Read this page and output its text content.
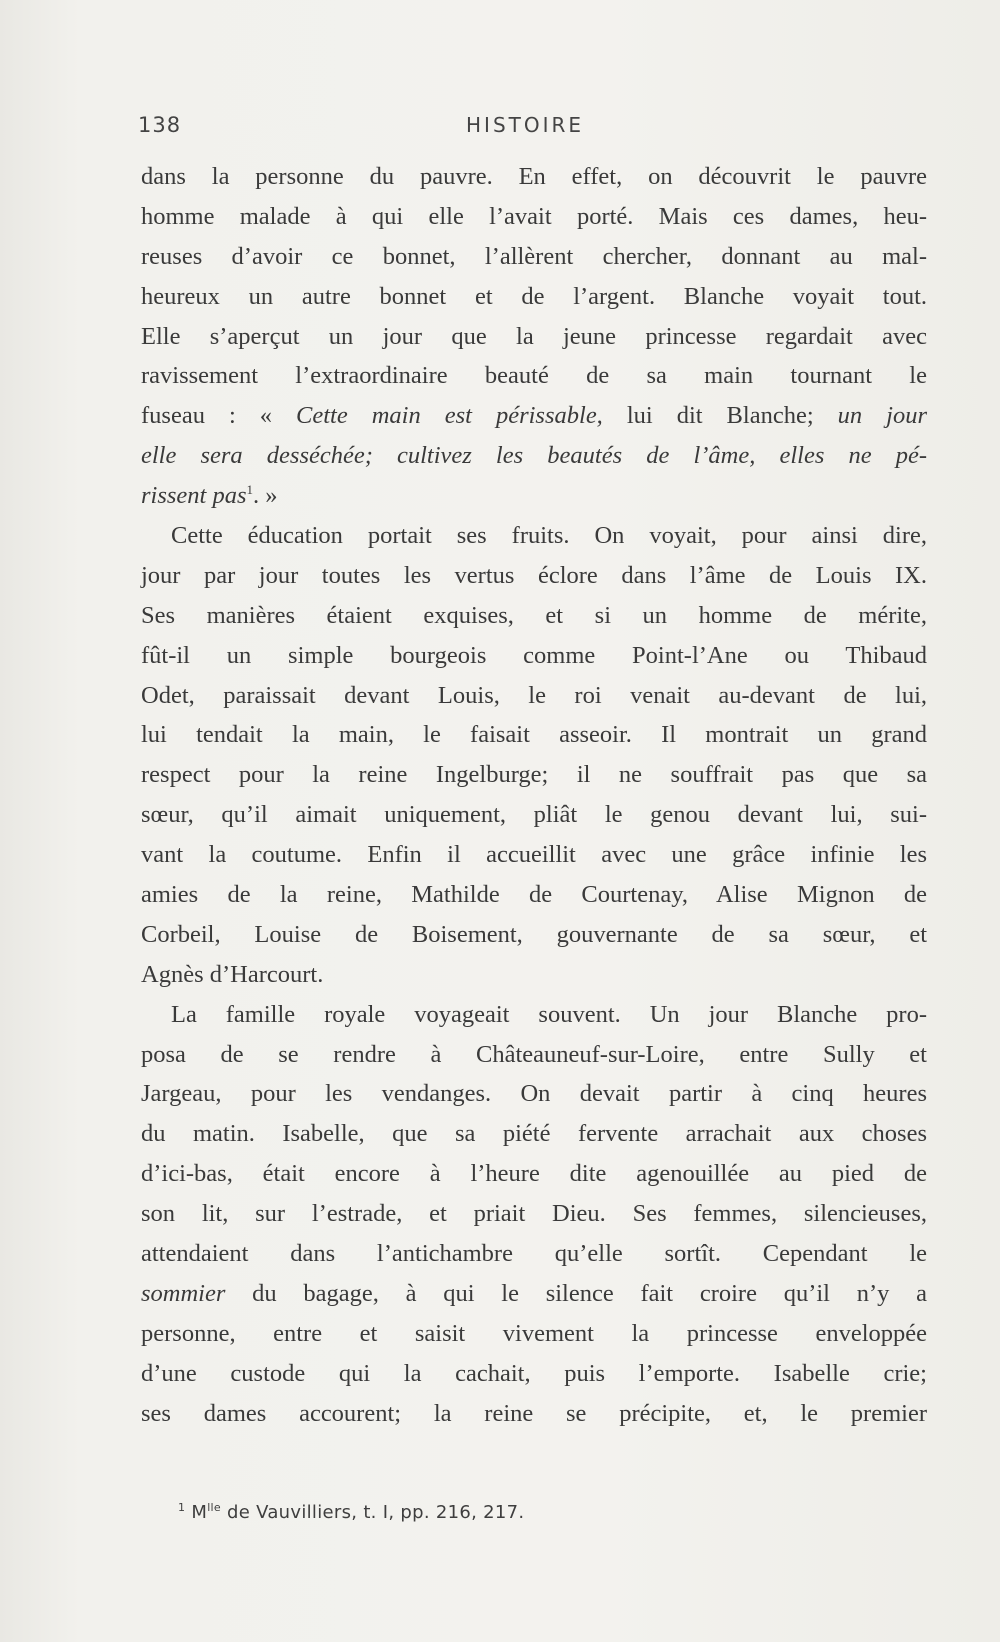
138	HISTOIRE
dans la personne du pauvre. En effet, on découvrit le pauvre
homme malade à qui elle l’avait porté. Mais ces dames, heu-
reuses d’avoir ce bonnet, l’allèrent chercher, donnant au mal-
heureux un autre bonnet et de l’argent. Blanche voyait tout.
Elle s’aperçut un jour que la jeune princesse regardait avec
ravissement l’extraordinaire beauté de sa main tournant le
fuseau : « Cette main est périssable, lui dit Blanche; un jour
elle sera desséchée; cultivez les beautés de l’âme, elles ne pé-
rissent pas$^1$. »
Cette éducation portait ses fruits. On voyait, pour ainsi dire,
jour par jour toutes les vertus éclore dans l’âme de Louis IX.
Ses manières étaient exquises, et si un homme de mérite,
fût-il un simple bourgeois comme Point-l’Ane ou Thibaud
Odet, paraissait devant Louis, le roi venait au-devant de lui,
lui tendait la main, le faisait asseoir. Il montrait un grand
respect pour la reine Ingelburge; il ne souffrait pas que sa
sœur, qu’il aimait uniquement, pliât le genou devant lui, sui-
vant la coutume. Enfin il accueillit avec une grâce infinie les
amies de la reine, Mathilde de Courtenay, Alise Mignon de
Corbeil, Louise de Boisement, gouvernante de sa sœur, et
Agnès d’Harcourt.
La famille royale voyageait souvent. Un jour Blanche pro-
posa de se rendre à Châteauneuf-sur-Loire, entre Sully et
Jargeau, pour les vendanges. On devait partir à cinq heures
du matin. Isabelle, que sa piété fervente arrachait aux choses
d’ici-bas, était encore à l’heure dite agenouillée au pied de
son lit, sur l’estrade, et priait Dieu. Ses femmes, silencieuses,
attendaient dans l’antichambre qu’elle sortît. Cependant le
sommier du bagage, à qui le silence fait croire qu’il n’y a
personne, entre et saisit vivement la princesse enveloppée
d’une custode qui la cachait, puis l’emporte. Isabelle crie;
ses dames accourent; la reine se précipite, et, le premier
$^1$ $M^{lle}$ de Vauvilliers, t. I, pp. 216, 217.
